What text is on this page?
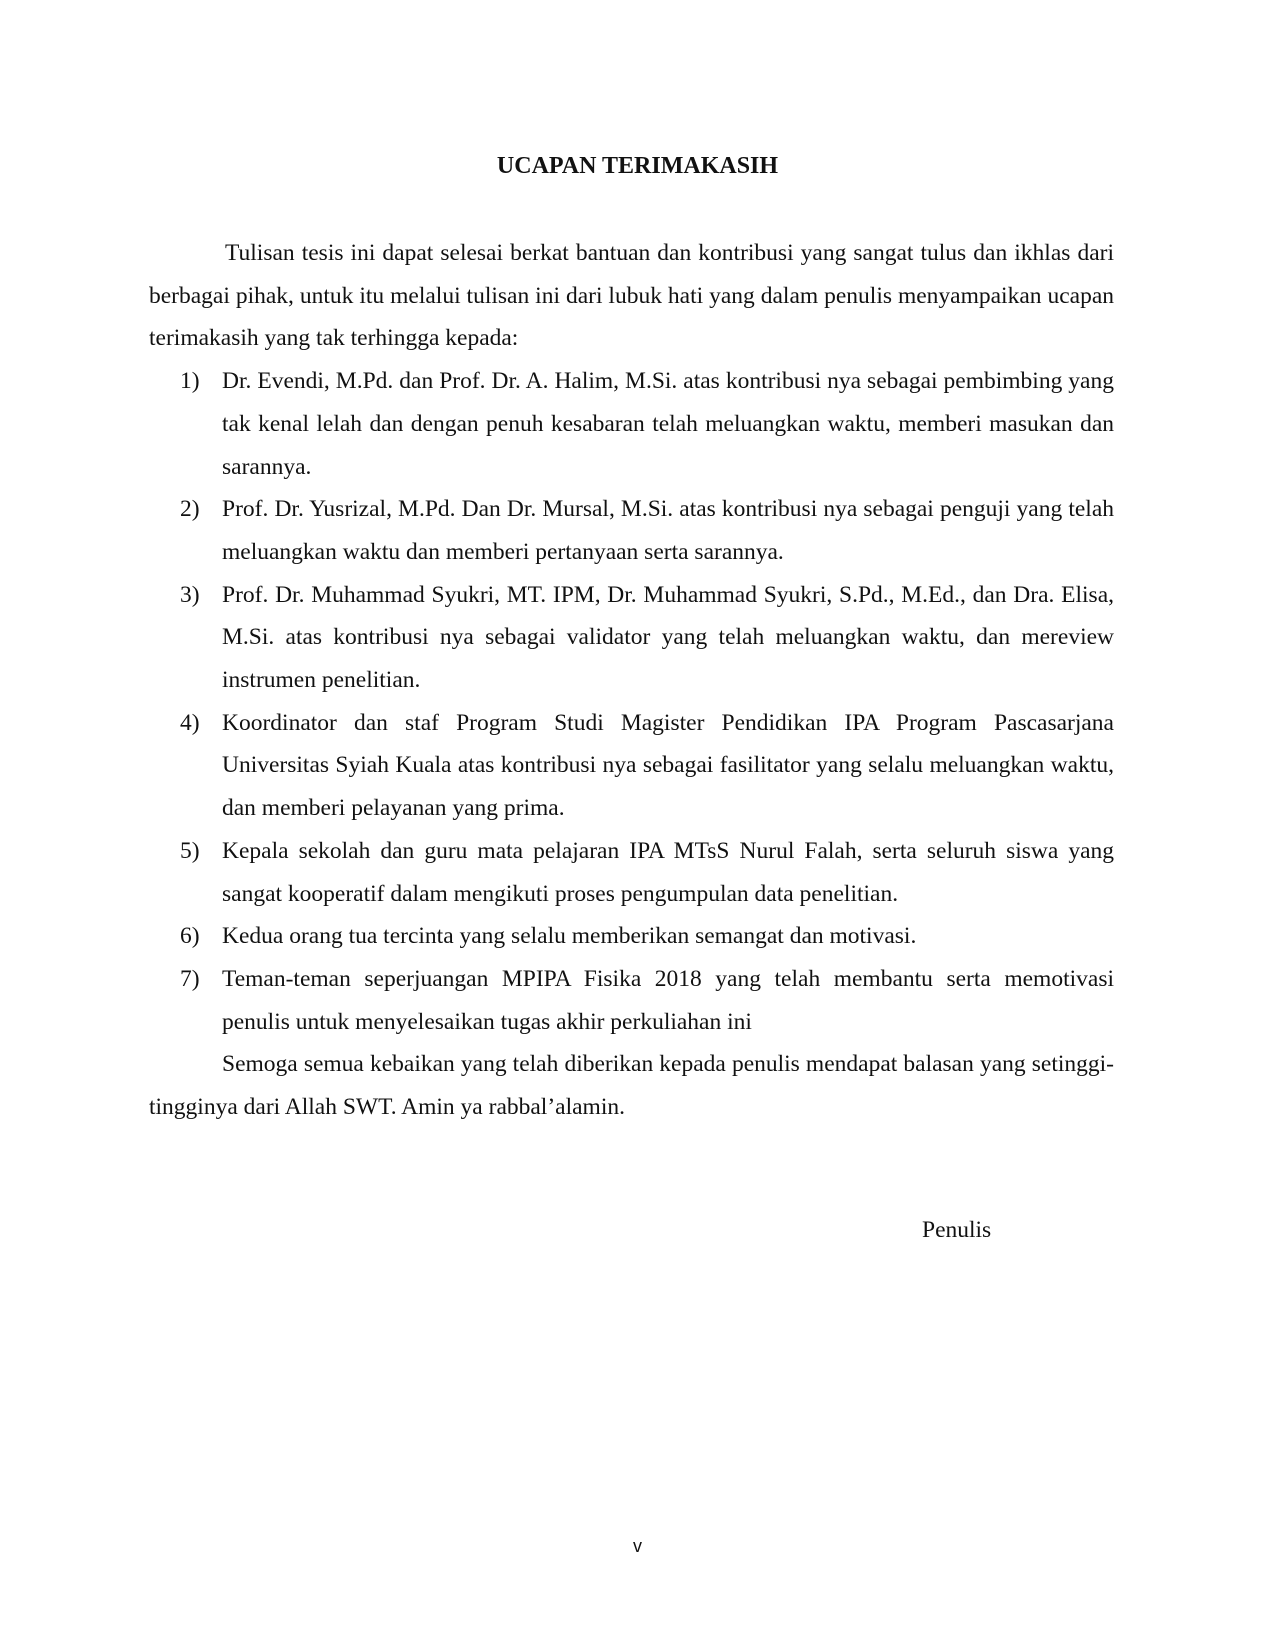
UCAPAN TERIMAKASIH

Tulisan tesis ini dapat selesai berkat bantuan dan kontribusi yang sangat tulus dan ikhlas dari berbagai pihak, untuk itu melalui tulisan ini dari lubuk hati yang dalam penulis menyampaikan ucapan terimakasih yang tak terhingga kepada:

1) Dr. Evendi, M.Pd. dan Prof. Dr. A. Halim, M.Si. atas kontribusi nya sebagai pembimbing yang tak kenal lelah dan dengan penuh kesabaran telah meluangkan waktu, memberi masukan dan sarannya.
2) Prof. Dr. Yusrizal, M.Pd. Dan Dr. Mursal, M.Si. atas kontribusi nya sebagai penguji yang telah meluangkan waktu dan memberi pertanyaan serta sarannya.
3) Prof. Dr. Muhammad Syukri, MT. IPM, Dr. Muhammad Syukri, S.Pd., M.Ed., dan Dra. Elisa, M.Si. atas kontribusi nya sebagai validator yang telah meluangkan waktu, dan mereview instrumen penelitian.
4) Koordinator dan staf Program Studi Magister Pendidikan IPA Program Pascasarjana Universitas Syiah Kuala atas kontribusi nya sebagai fasilitator yang selalu meluangkan waktu, dan memberi pelayanan yang prima.
5) Kepala sekolah dan guru mata pelajaran IPA MTsS Nurul Falah, serta seluruh siswa yang sangat kooperatif dalam mengikuti proses pengumpulan data penelitian.
6) Kedua orang tua tercinta yang selalu memberikan semangat dan motivasi.
7) Teman-teman seperjuangan MPIPA Fisika 2018 yang telah membantu serta memotivasi penulis untuk menyelesaikan tugas akhir perkuliahan ini

Semoga semua kebaikan yang telah diberikan kepada penulis mendapat balasan yang setinggi-tingginya dari Allah SWT. Amin ya rabbal’alamin.

Penulis
v
